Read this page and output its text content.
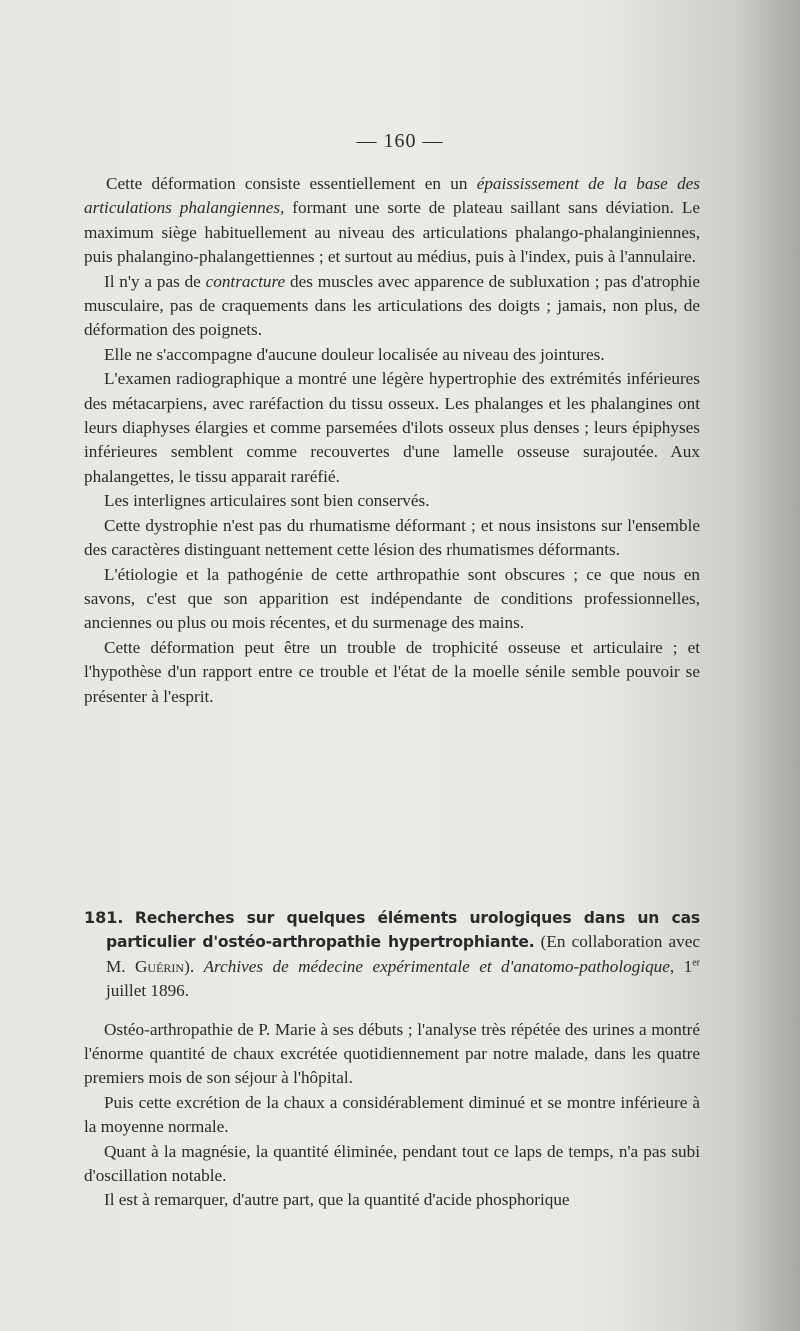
— 160 —

Cette déformation consiste essentiellement en un épaississement de la base des articulations phalangiennes, formant une sorte de plateau saillant sans déviation. Le maximum siège habituellement au niveau des articulations phalango-phalanginiennes, puis phalangino-phalangettiennes ; et surtout au médius, puis à l'index, puis à l'annulaire.

Il n'y a pas de contracture des muscles avec apparence de subluxation ; pas d'atrophie musculaire, pas de craquements dans les articulations des doigts ; jamais, non plus, de déformation des poignets.

Elle ne s'accompagne d'aucune douleur localisée au niveau des jointures.

L'examen radiographique a montré une légère hypertrophie des extrémités inférieures des métacarpiens, avec raréfaction du tissu osseux. Les phalanges et les phalangines ont leurs diaphyses élargies et comme parsemées d'ilots osseux plus denses ; leurs épiphyses inférieures semblent comme recouvertes d'une lamelle osseuse surajoutée. Aux phalangettes, le tissu apparait raréfié.

Les interlignes articulaires sont bien conservés.

Cette dystrophie n'est pas du rhumatisme déformant ; et nous insistons sur l'ensemble des caractères distinguant nettement cette lésion des rhumatismes déformants.

L'étiologie et la pathogénie de cette arthropathie sont obscures ; ce que nous en savons, c'est que son apparition est indépendante de conditions professionnelles, anciennes ou plus ou mois récentes, et du surmenage des mains.

Cette déformation peut être un trouble de trophicité osseuse et articulaire ; et l'hypothèse d'un rapport entre ce trouble et l'état de la moelle sénile semble pouvoir se présenter à l'esprit.

181. Recherches sur quelques éléments urologiques dans un cas particulier d'ostéo-arthropathie hypertrophiante. (En collaboration avec M. Guérin). Archives de médecine expérimentale et d'anatomo-pathologique, 1er juillet 1896.

Ostéo-arthropathie de P. Marie à ses débuts ; l'analyse très répétée des urines a montré l'énorme quantité de chaux excrétée quotidiennement par notre malade, dans les quatre premiers mois de son séjour à l'hôpital.

Puis cette excrétion de la chaux a considérablement diminué et se montre inférieure à la moyenne normale.

Quant à la magnésie, la quantité éliminée, pendant tout ce laps de temps, n'a pas subi d'oscillation notable.

Il est à remarquer, d'autre part, que la quantité d'acide phosphorique
